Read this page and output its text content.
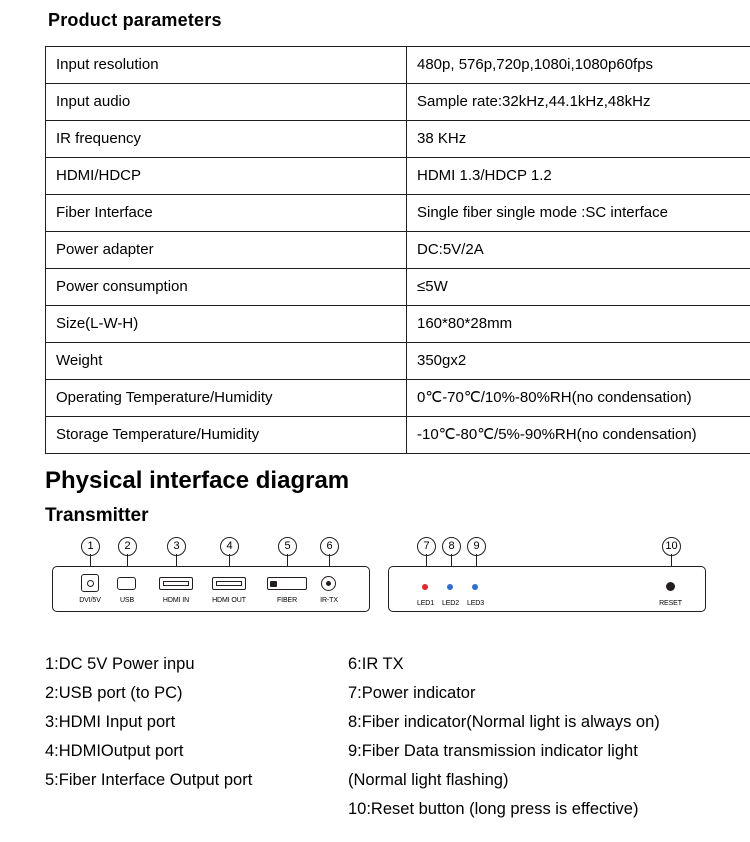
Product parameters
Input resolution	480p, 576p,720p,1080i,1080p60fps
Input audio	Sample rate:32kHz,44.1kHz,48kHz
IR frequency	38 KHz
HDMI/HDCP	HDMI 1.3/HDCP 1.2
Fiber Interface	Single fiber single mode :SC interface
Power adapter	DC:5V/2A
Power consumption	≤5W
Size(L-W-H)	160*80*28mm
Weight	350gx2
Operating Temperature/Humidity	0℃-70℃/10%-80%RH(no condensation)
Storage Temperature/Humidity	-10℃-80℃/5%-90%RH(no condensation)
Physical interface diagram
Transmitter
1	2	3	4	5	6
DVI/5V	USB	HDMI IN	HDMI OUT	FIBER	IR-TX
7	8	9	10
LED1	LED2	LED3	RESET
1:DC 5V Power inpu
2:USB port (to PC)
3:HDMI Input port
4:HDMIOutput port
5:Fiber Interface Output port
6:IR TX
7:Power indicator
8:Fiber indicator(Normal light is always on)
9:Fiber Data transmission indicator light
(Normal light flashing)
10:Reset button (long press is effective)
